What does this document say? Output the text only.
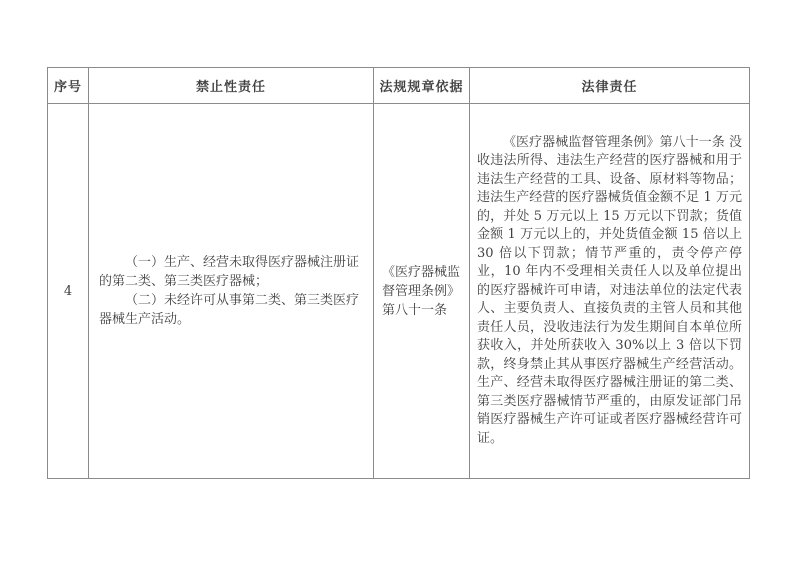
序号	禁止性责任	法规规章依据	法律责任
4	（一）生产、经营未取得医疗器械注册证的第二类、第三类医疗器械；

（二）未经许可从事第二类、第三类医疗器械生产活动。	《医疗器械监督管理条例》第八十一条	《医疗器械监督管理条例》第八十一条 没收违法所得、违法生产经营的医疗器械和用于违法生产经营的工具、设备、原材料等物品；违法生产经营的医疗器械货值金额不足 1 万元的，并处 5 万元以上 15 万元以下罚款；货值金额 1 万元以上的，并处货值金额 15 倍以上 30 倍以下罚款；情节严重的，责令停产停业，10 年内不受理相关责任人以及单位提出的医疗器械许可申请，对违法单位的法定代表人、主要负责人、直接负责的主管人员和其他责任人员，没收违法行为发生期间自本单位所获收入，并处所获收入 30%以上 3 倍以下罚款，终身禁止其从事医疗器械生产经营活动。生产、经营未取得医疗器械注册证的第二类、第三类医疗器械情节严重的，由原发证部门吊销医疗器械生产许可证或者医疗器械经营许可证。
